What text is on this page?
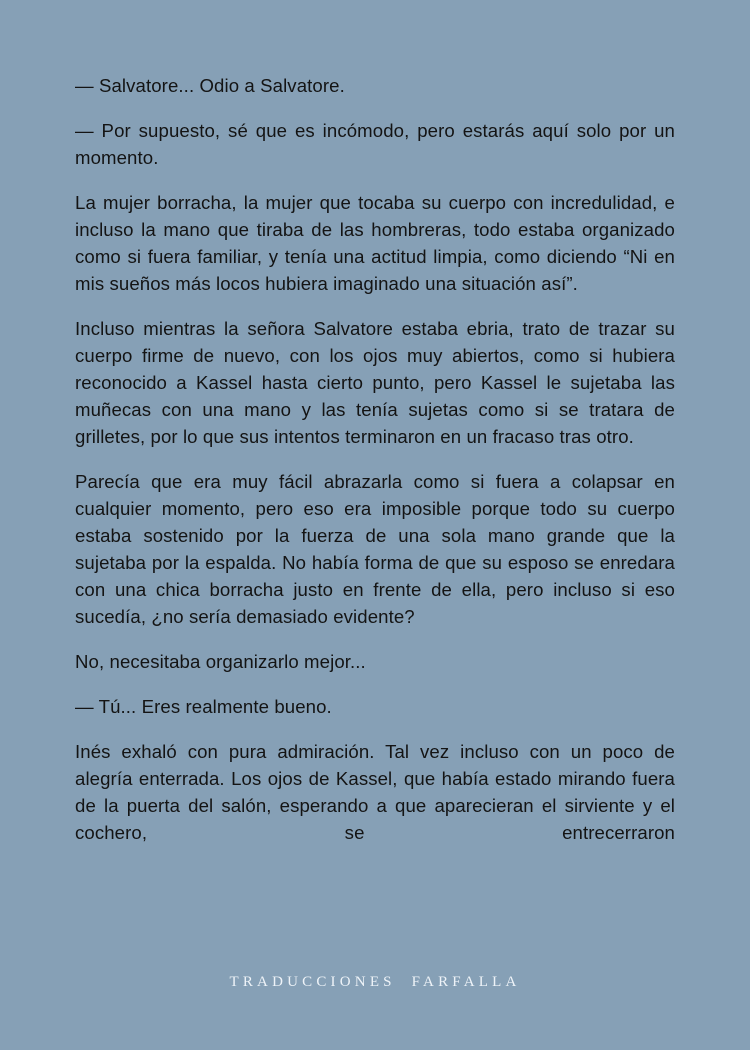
— Salvatore... Odio a Salvatore.

— Por supuesto, sé que es incómodo, pero estarás aquí solo por un momento.

La mujer borracha, la mujer que tocaba su cuerpo con incredulidad, e incluso la mano que tiraba de las hombreras, todo estaba organizado como si fuera familiar, y tenía una actitud limpia, como diciendo “Ni en mis sueños más locos hubiera imaginado una situación así”.

Incluso mientras la señora Salvatore estaba ebria, trato de trazar su cuerpo firme de nuevo, con los ojos muy abiertos, como si hubiera reconocido a Kassel hasta cierto punto, pero Kassel le sujetaba las muñecas con una mano y las tenía sujetas como si se tratara de grilletes, por lo que sus intentos terminaron en un fracaso tras otro.

Parecía que era muy fácil abrazarla como si fuera a colapsar en cualquier momento, pero eso era imposible porque todo su cuerpo estaba sostenido por la fuerza de una sola mano grande que la sujetaba por la espalda. No había forma de que su esposo se enredara con una chica borracha justo en frente de ella, pero incluso si eso sucedía, ¿no sería demasiado evidente?

No, necesitaba organizarlo mejor...

— Tú... Eres realmente bueno.

Inés exhaló con pura admiración. Tal vez incluso con un poco de alegría enterrada. Los ojos de Kassel, que había estado mirando fuera de la puerta del salón, esperando a que aparecieran el sirviente y el cochero, se entrecerraron

TRADUCCIONES  FARFALLA
